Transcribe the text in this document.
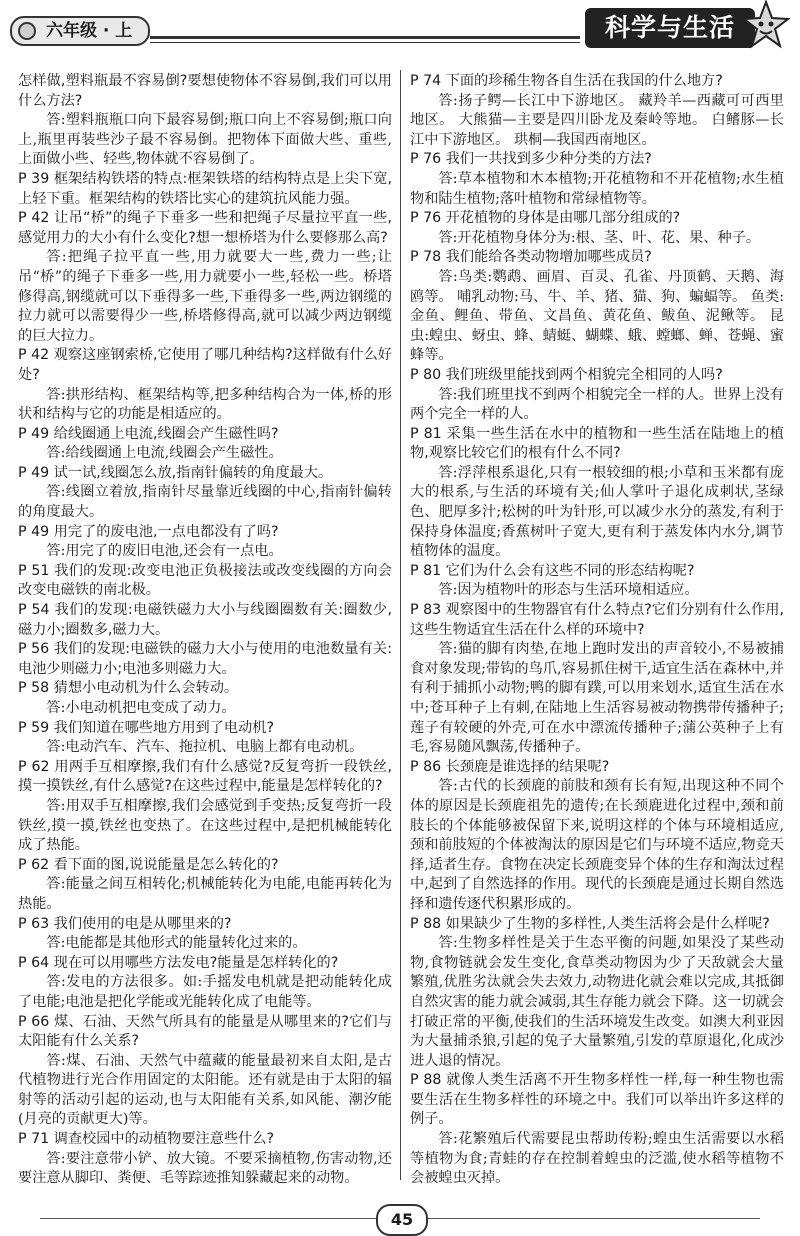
六年级 · 上	科学与生活

怎样做,塑料瓶最不容易倒?要想使物体不容易倒,我们可以用什么方法?

答:塑料瓶瓶口向下最容易倒;瓶口向上不容易倒;瓶口向上,瓶里再装些沙子最不容易倒。把物体下面做大些、重些,上面做小些、轻些,物体就不容易倒了。

P 39 框架结构铁塔的特点:框架铁塔的结构特点是上尖下宽,上轻下重。框架结构的铁塔比实心的建筑抗风能力强。

P 42 让吊“桥”的绳子下垂多一些和把绳子尽量拉平直一些,感觉用力的大小有什么变化?想一想桥塔为什么要修那么高?

答:把绳子拉平直一些,用力就要大一些,费力一些;让吊“桥”的绳子下垂多一些,用力就要小一些,轻松一些。桥塔修得高,钢缆就可以下垂得多一些,下垂得多一些,两边钢缆的拉力就可以需要得少一些,桥塔修得高,就可以减少两边钢缆的巨大拉力。

P 42 观察这座钢索桥,它使用了哪几种结构?这样做有什么好处?

答:拱形结构、框架结构等,把多种结构合为一体,桥的形状和结构与它的功能是相适应的。

P 49 给线圈通上电流,线圈会产生磁性吗?

答:给线圈通上电流,线圈会产生磁性。

P 49 试一试,线圈怎么放,指南针偏转的角度最大。

答:线圈立着放,指南针尽量靠近线圈的中心,指南针偏转的角度最大。

P 49 用完了的废电池,一点电都没有了吗?

答:用完了的废旧电池,还会有一点电。

P 51 我们的发现:改变电池正负极接法或改变线圈的方向会改变电磁铁的南北极。

P 54 我们的发现:电磁铁磁力大小与线圈圈数有关:圈数少,磁力小;圈数多,磁力大。

P 56 我们的发现:电磁铁的磁力大小与使用的电池数量有关:电池少则磁力小;电池多则磁力大。

P 58 猜想小电动机为什么会转动。

答:小电动机把电变成了动力。

P 59 我们知道在哪些地方用到了电动机?

答:电动汽车、汽车、拖拉机、电脑上都有电动机。

P 62 用两手互相摩擦,我们有什么感觉?反复弯折一段铁丝,摸一摸铁丝,有什么感觉?在这些过程中,能量是怎样转化的?

答:用双手互相摩擦,我们会感觉到手变热;反复弯折一段铁丝,摸一摸,铁丝也变热了。在这些过程中,是把机械能转化成了热能。

P 62 看下面的图,说说能量是怎么转化的?

答:能量之间互相转化;机械能转化为电能,电能再转化为热能。

P 63 我们使用的电是从哪里来的?

答:电能都是其他形式的能量转化过来的。

P 64 现在可以用哪些方法发电?能量是怎样转化的?

答:发电的方法很多。如:手摇发电机就是把动能转化成了电能;电池是把化学能或光能转化成了电能等。

P 66 煤、石油、天然气所具有的能量是从哪里来的?它们与太阳能有什么关系?

答:煤、石油、天然气中蕴藏的能量最初来自太阳,是古代植物进行光合作用固定的太阳能。还有就是由于太阳的辐射等的活动引起的运动,也与太阳能有关系,如风能、潮汐能(月亮的贡献更大)等。

P 71 调查校园中的动植物要注意些什么?

答:要注意带小铲、放大镜。不要采摘植物,伤害动物,还要注意从脚印、粪便、毛等踪迹推知躲藏起来的动物。

P 74 下面的珍稀生物各自生活在我国的什么地方?

答:扬子鳄—长江中下游地区。 藏羚羊—西藏可可西里地区。 大熊猫—主要是四川卧龙及秦岭等地。 白鳍豚—长江中下游地区。 珙桐—我国西南地区。

P 76 我们一共找到多少种分类的方法?

答:草本植物和木本植物;开花植物和不开花植物;水生植物和陆生植物;落叶植物和常绿植物等。

P 76 开花植物的身体是由哪几部分组成的?

答:开花植物身体分为:根、茎、叶、花、果、种子。

P 78 我们能给各类动物增加哪些成员?

答:鸟类:鹦鹉、画眉、百灵、孔雀、丹顶鹤、天鹅、海鸥等。 哺乳动物:马、牛、羊、猪、猫、狗、蝙蝠等。 鱼类:金鱼、鲤鱼、带鱼、文昌鱼、黄花鱼、鲅鱼、泥鳅等。 昆虫:蝗虫、蚜虫、蜂、蜻蜓、蝴蝶、蛾、螳螂、蝉、苍蝇、蜜蜂等。

P 80 我们班级里能找到两个相貌完全相同的人吗?

答:我们班里找不到两个相貌完全一样的人。世界上没有两个完全一样的人。

P 81 采集一些生活在水中的植物和一些生活在陆地上的植物,观察比较它们的根有什么不同?

答:浮萍根系退化,只有一根较细的根;小草和玉米都有庞大的根系,与生活的环境有关;仙人掌叶子退化成刺状,茎绿色、肥厚多汁;松树的叶为针形,可以减少水分的蒸发,有利于保持身体温度;香蕉树叶子宽大,更有利于蒸发体内水分,调节植物体的温度。

P 81 它们为什么会有这些不同的形态结构呢?

答:因为植物叶的形态与生活环境相适应。

P 83 观察图中的生物器官有什么特点?它们分别有什么作用,这些生物适宜生活在什么样的环境中?

答:猫的脚有肉垫,在地上跑时发出的声音较小,不易被捕食对象发现;带钩的鸟爪,容易抓住树干,适宜生活在森林中,并有利于捕抓小动物;鸭的脚有蹼,可以用来划水,适宜生活在水中;苍耳种子上有刺,在陆地上生活容易被动物携带传播种子;莲子有较硬的外壳,可在水中漂流传播种子;蒲公英种子上有毛,容易随风飘荡,传播种子。

P 86 长颈鹿是谁选择的结果呢?

答:古代的长颈鹿的前肢和颈有长有短,出现这种不同个体的原因是长颈鹿祖先的遗传;在长颈鹿进化过程中,颈和前肢长的个体能够被保留下来,说明这样的个体与环境相适应,颈和前肢短的个体被淘汰的原因是它们与环境不适应,物竞天择,适者生存。食物在决定长颈鹿变异个体的生存和淘汰过程中,起到了自然选择的作用。现代的长颈鹿是通过长期自然选择和遗传逐代积累形成的。

P 88 如果缺少了生物的多样性,人类生活将会是什么样呢?

答:生物多样性是关于生态平衡的问题,如果没了某些动物,食物链就会发生变化,食草类动物因为少了天敌就会大量繁殖,优胜劣汰就会失去效力,动物进化就会难以完成,其抵御自然灾害的能力就会减弱,其生存能力就会下降。这一切就会打破正常的平衡,使我们的生活环境发生改变。如澳大利亚因为大量捕杀狼,引起的兔子大量繁殖,引发的草原退化,化成沙进人退的情况。

P 88 就像人类生活离不开生物多样性一样,每一种生物也需要生活在生物多样性的环境之中。我们可以举出许多这样的例子。

答:花繁殖后代需要昆虫帮助传粉;蝗虫生活需要以水稻等植物为食;青蛙的存在控制着蝗虫的泛滥,使水稻等植物不会被蝗虫灭掉。

45
